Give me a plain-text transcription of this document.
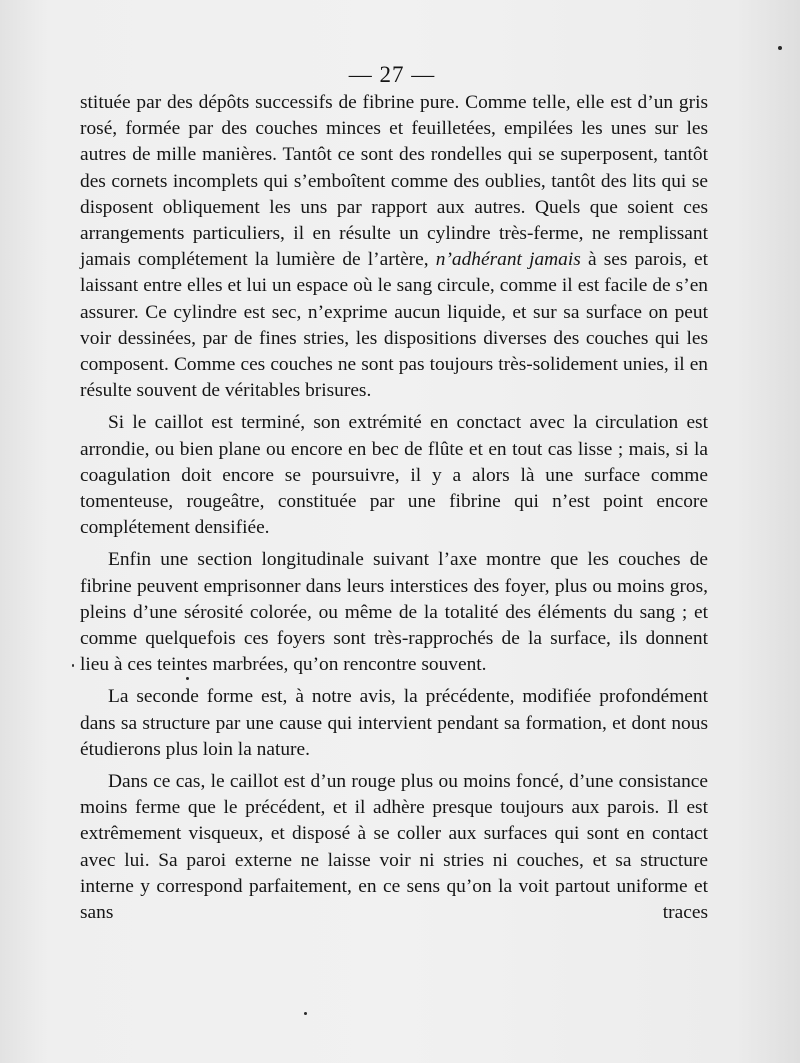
— 27 —

stituée par des dépôts successifs de fibrine pure. Comme telle, elle est d’un gris rosé, formée par des couches minces et feuilletées, empilées les unes sur les autres de mille manières. Tantôt ce sont des rondelles qui se superposent, tantôt des cornets incomplets qui s’emboîtent comme des oublies, tantôt des lits qui se disposent obliquement les uns par rapport aux autres. Quels que soient ces arrangements particuliers, il en résulte un cylindre très-ferme, ne remplissant jamais complétement la lumière de l’artère, n’adhérant jamais à ses parois, et laissant entre elles et lui un espace où le sang circule, comme il est facile de s’en assurer. Ce cylindre est sec, n’exprime aucun liquide, et sur sa surface on peut voir dessinées, par de fines stries, les dispositions diverses des couches qui les composent. Comme ces couches ne sont pas toujours très-solidement unies, il en résulte souvent de véritables brisures.

Si le caillot est terminé, son extrémité en conctact avec la circulation est arrondie, ou bien plane ou encore en bec de flûte et en tout cas lisse ; mais, si la coagulation doit encore se poursuivre, il y a alors là une surface comme tomenteuse, rougeâtre, constituée par une fibrine qui n’est point encore complétement densifiée.

Enfin une section longitudinale suivant l’axe montre que les couches de fibrine peuvent emprisonner dans leurs interstices des foyer, plus ou moins gros, pleins d’une sérosité colorée, ou même de la totalité des éléments du sang ; et comme quelquefois ces foyers sont très-rapprochés de la surface, ils donnent lieu à ces teintes marbrées, qu’on rencontre souvent.

La seconde forme est, à notre avis, la précédente, modifiée profondément dans sa structure par une cause qui intervient pendant sa formation, et dont nous étudierons plus loin la nature.

Dans ce cas, le caillot est d’un rouge plus ou moins foncé, d’une consistance moins ferme que le précédent, et il adhère presque toujours aux parois. Il est extrêmement visqueux, et disposé à se coller aux surfaces qui sont en contact avec lui. Sa paroi externe ne laisse voir ni stries ni couches, et sa structure interne y correspond parfaitement, en ce sens qu’on la voit partout uniforme et sans traces
